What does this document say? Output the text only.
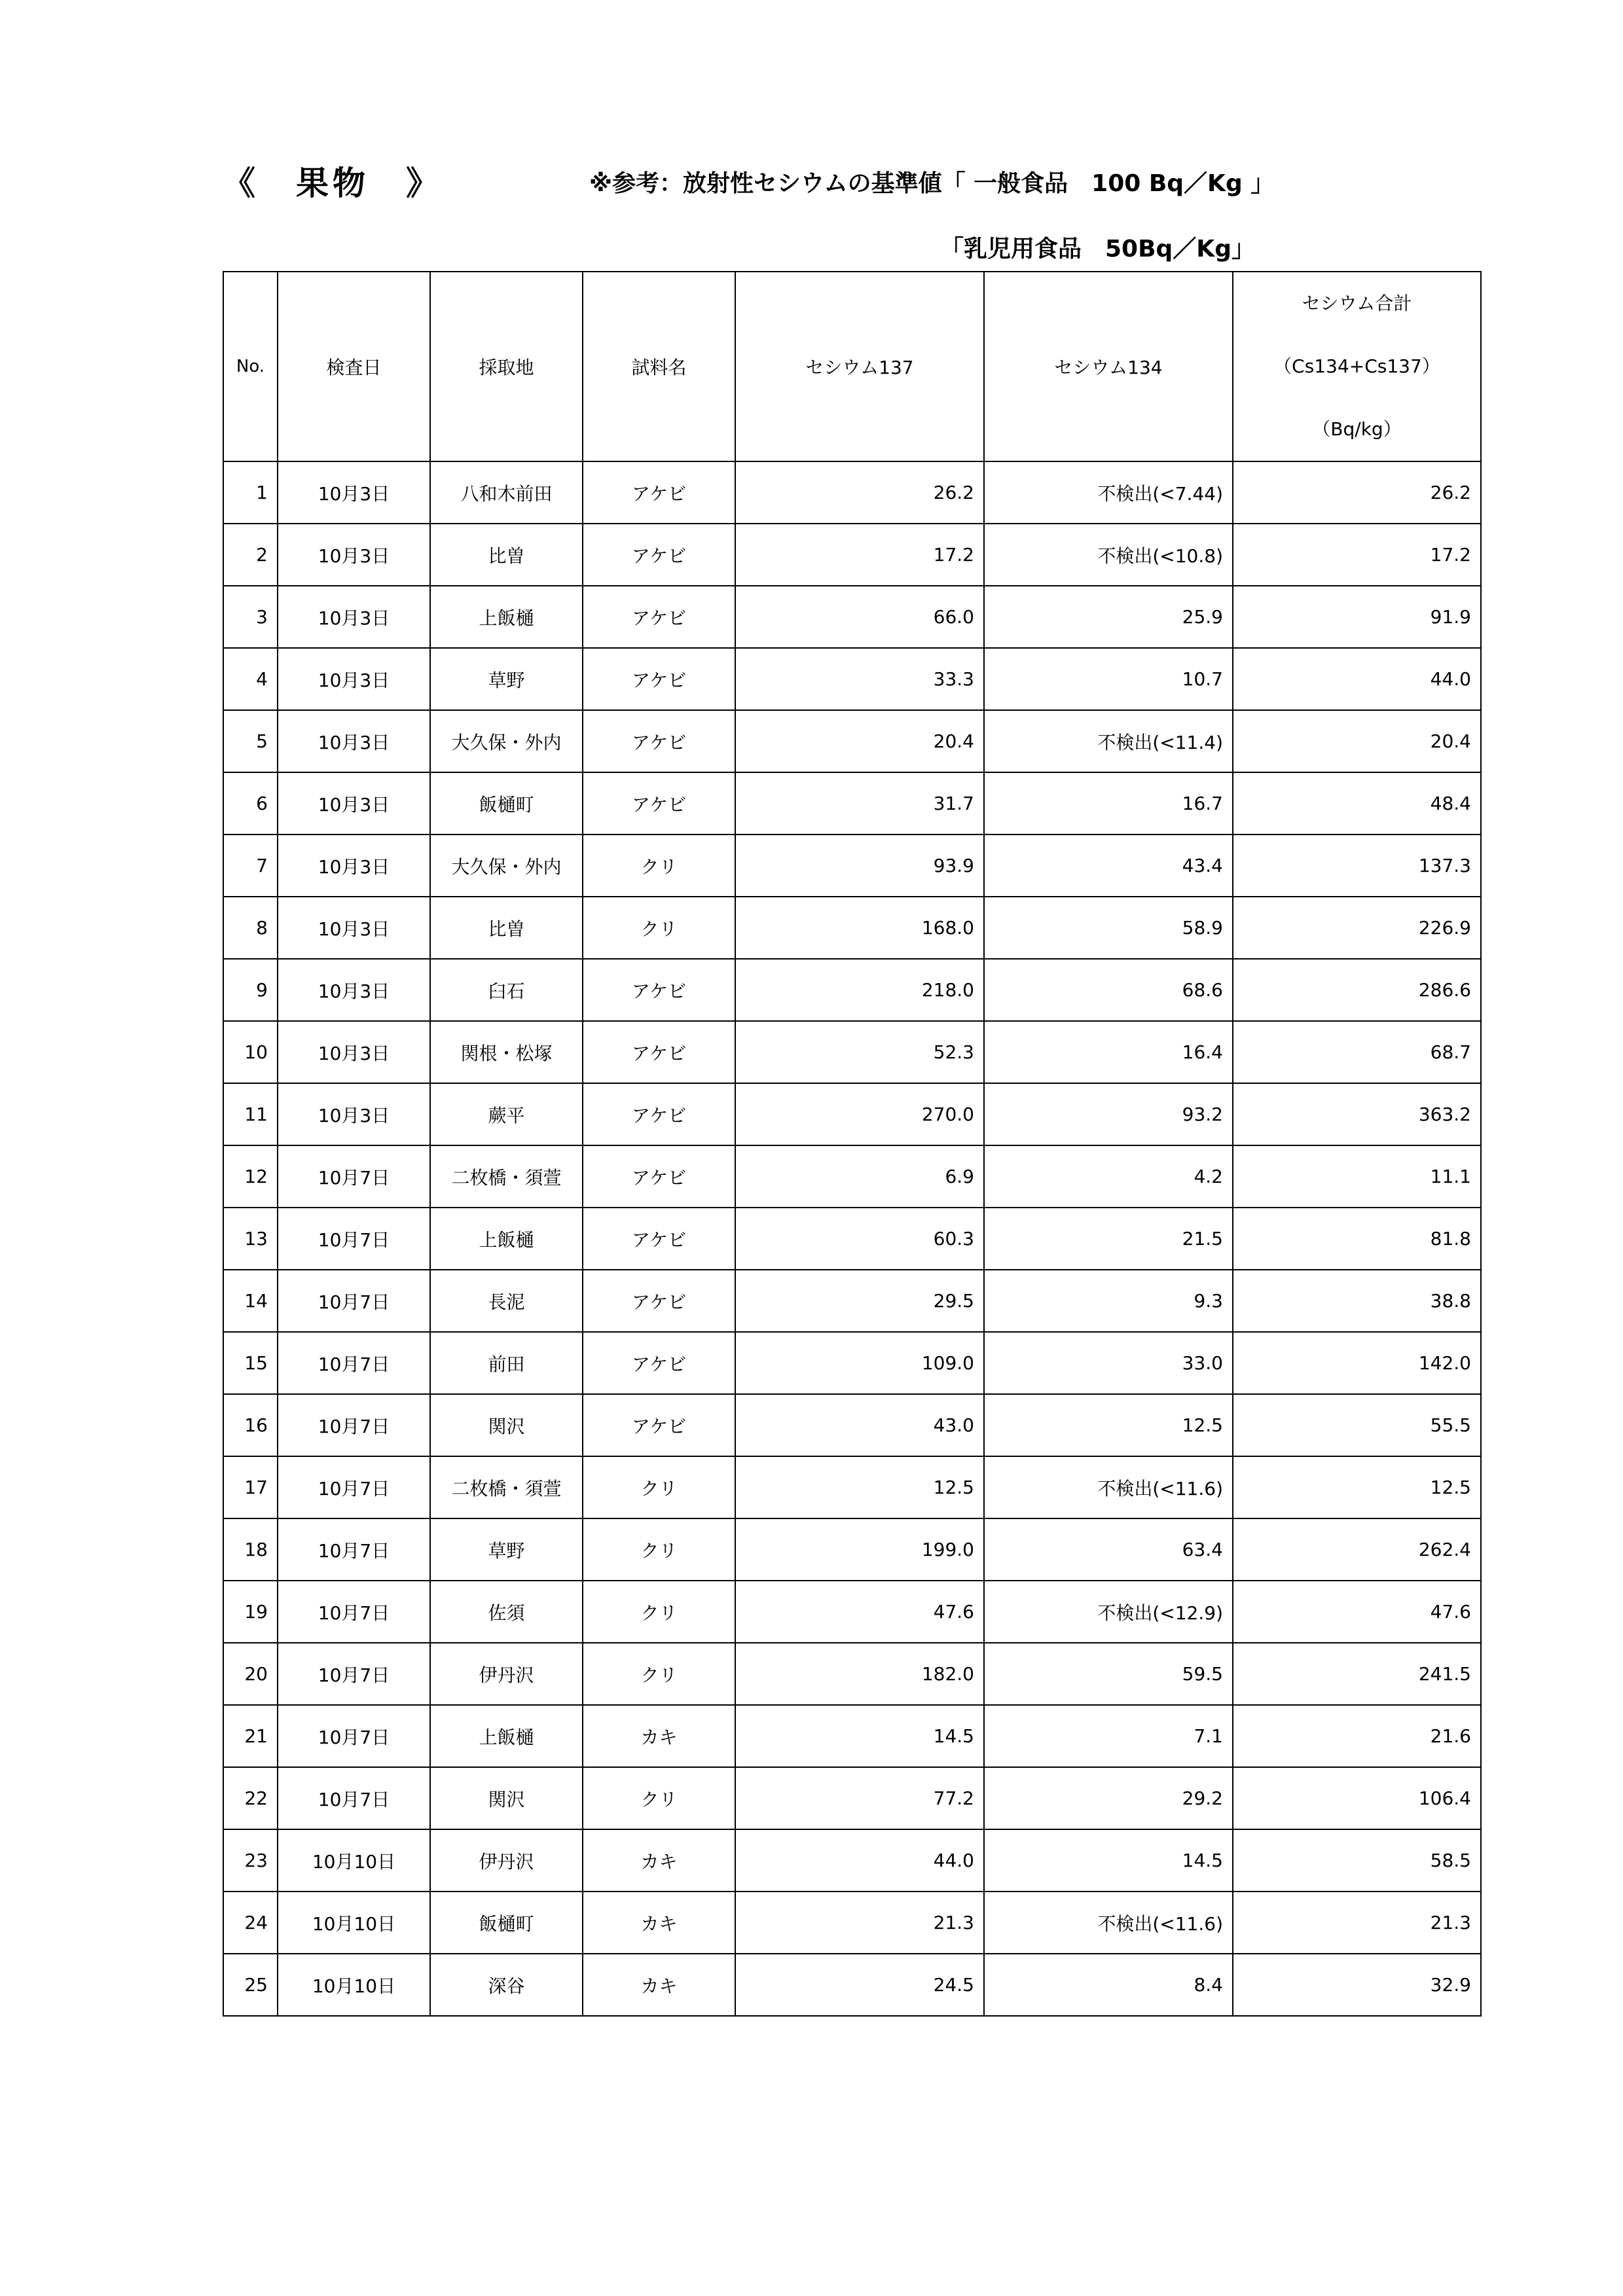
《　果物　》	※参考：放射性セシウムの基準値「 一般食品　100 Bq／Kg 」
「乳児用食品　50Bq／Kg」
No.	検査日	採取地	試料名	セシウム137	セシウム134	セシウム合計
（Cs134+Cs137）
（Bq/kg）

1	10月3日	八和木前田	アケビ	26.2	不検出(<7.44)	26.2
2	10月3日	比曽	アケビ	17.2	不検出(<10.8)	17.2
3	10月3日	上飯樋	アケビ	66.0	25.9	91.9
4	10月3日	草野	アケビ	33.3	10.7	44.0
5	10月3日	大久保・外内	アケビ	20.4	不検出(<11.4)	20.4
6	10月3日	飯樋町	アケビ	31.7	16.7	48.4
7	10月3日	大久保・外内	クリ	93.9	43.4	137.3
8	10月3日	比曽	クリ	168.0	58.9	226.9
9	10月3日	臼石	アケビ	218.0	68.6	286.6
10	10月3日	関根・松塚	アケビ	52.3	16.4	68.7
11	10月3日	蕨平	アケビ	270.0	93.2	363.2
12	10月7日	二枚橋・須萱	アケビ	6.9	4.2	11.1
13	10月7日	上飯樋	アケビ	60.3	21.5	81.8
14	10月7日	長泥	アケビ	29.5	9.3	38.8
15	10月7日	前田	アケビ	109.0	33.0	142.0
16	10月7日	関沢	アケビ	43.0	12.5	55.5
17	10月7日	二枚橋・須萱	クリ	12.5	不検出(<11.6)	12.5
18	10月7日	草野	クリ	199.0	63.4	262.4
19	10月7日	佐須	クリ	47.6	不検出(<12.9)	47.6
20	10月7日	伊丹沢	クリ	182.0	59.5	241.5
21	10月7日	上飯樋	カキ	14.5	7.1	21.6
22	10月7日	関沢	クリ	77.2	29.2	106.4
23	10月10日	伊丹沢	カキ	44.0	14.5	58.5
24	10月10日	飯樋町	カキ	21.3	不検出(<11.6)	21.3
25	10月10日	深谷	カキ	24.5	8.4	32.9
